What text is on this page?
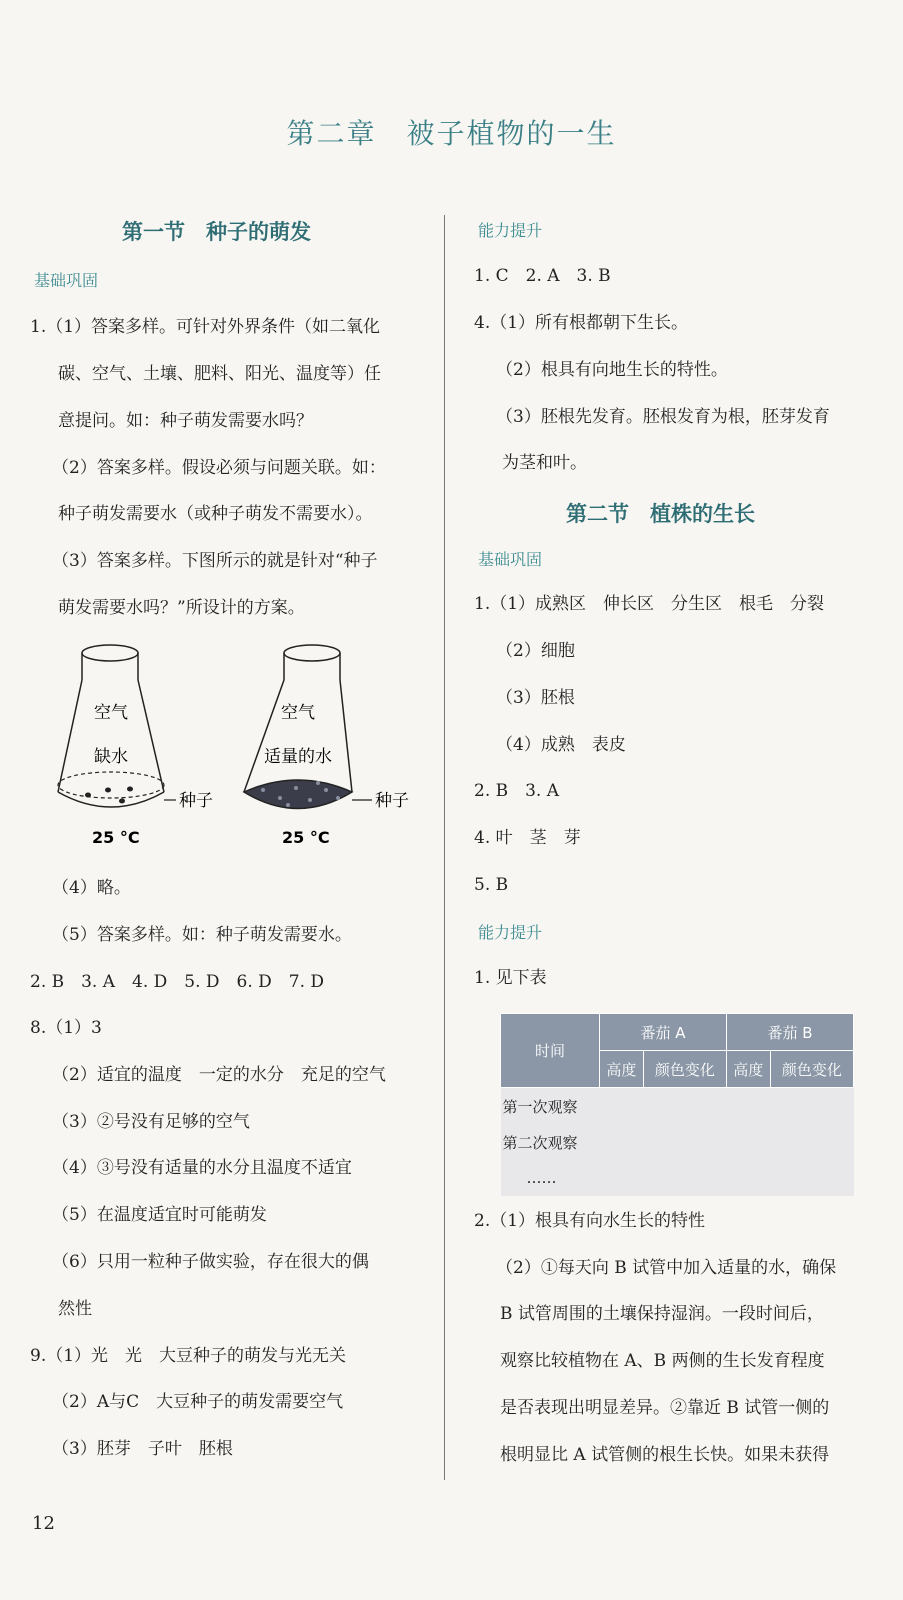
第二章　被子植物的一生
第一节　种子的萌发
基础巩固
1.（1）答案多样。可针对外界条件（如二氧化
碳、空气、土壤、肥料、阳光、温度等）任
意提问。如：种子萌发需要水吗？
（2）答案多样。假设必须与问题关联。如：
种子萌发需要水（或种子萌发不需要水）。
（3）答案多样。下图所示的就是针对“种子
萌发需要水吗？”所设计的方案。
空气
缺水
种子
25 °C
空气
适量的水
种子
25 °C
（4）略。
（5）答案多样。如：种子萌发需要水。
2. B　3. A　4. D　5. D　6. D　7. D
8.（1）3
（2）适宜的温度　一定的水分　充足的空气
（3）②号没有足够的空气
（4）③号没有适量的水分且温度不适宜
（5）在温度适宜时可能萌发
（6）只用一粒种子做实验，存在很大的偶
然性
9.（1）光　光　大豆种子的萌发与光无关
（2）A与C　大豆种子的萌发需要空气
（3）胚芽　子叶　胚根
12
能力提升
1. C　2. A　3. B
4.（1）所有根都朝下生长。
（2）根具有向地生长的特性。
（3）胚根先发育。胚根发育为根，胚芽发育
为茎和叶。
第二节　植株的生长
基础巩固
1.（1）成熟区　伸长区　分生区　根毛　分裂
（2）细胞
（3）胚根
（4）成熟　表皮
2. B　3. A
4. 叶　茎　芽
5. B
能力提升
1. 见下表
时间	番茄 A		番茄 B	
	高度	颜色变化	高度	颜色变化
第一次观察				
第二次观察				
……				
2.（1）根具有向水生长的特性
（2）①每天向 B 试管中加入适量的水，确保
B 试管周围的土壤保持湿润。一段时间后，
观察比较植物在 A、B 两侧的生长发育程度
是否表现出明显差异。②靠近 B 试管一侧的
根明显比 A 试管侧的根生长快。如果未获得
